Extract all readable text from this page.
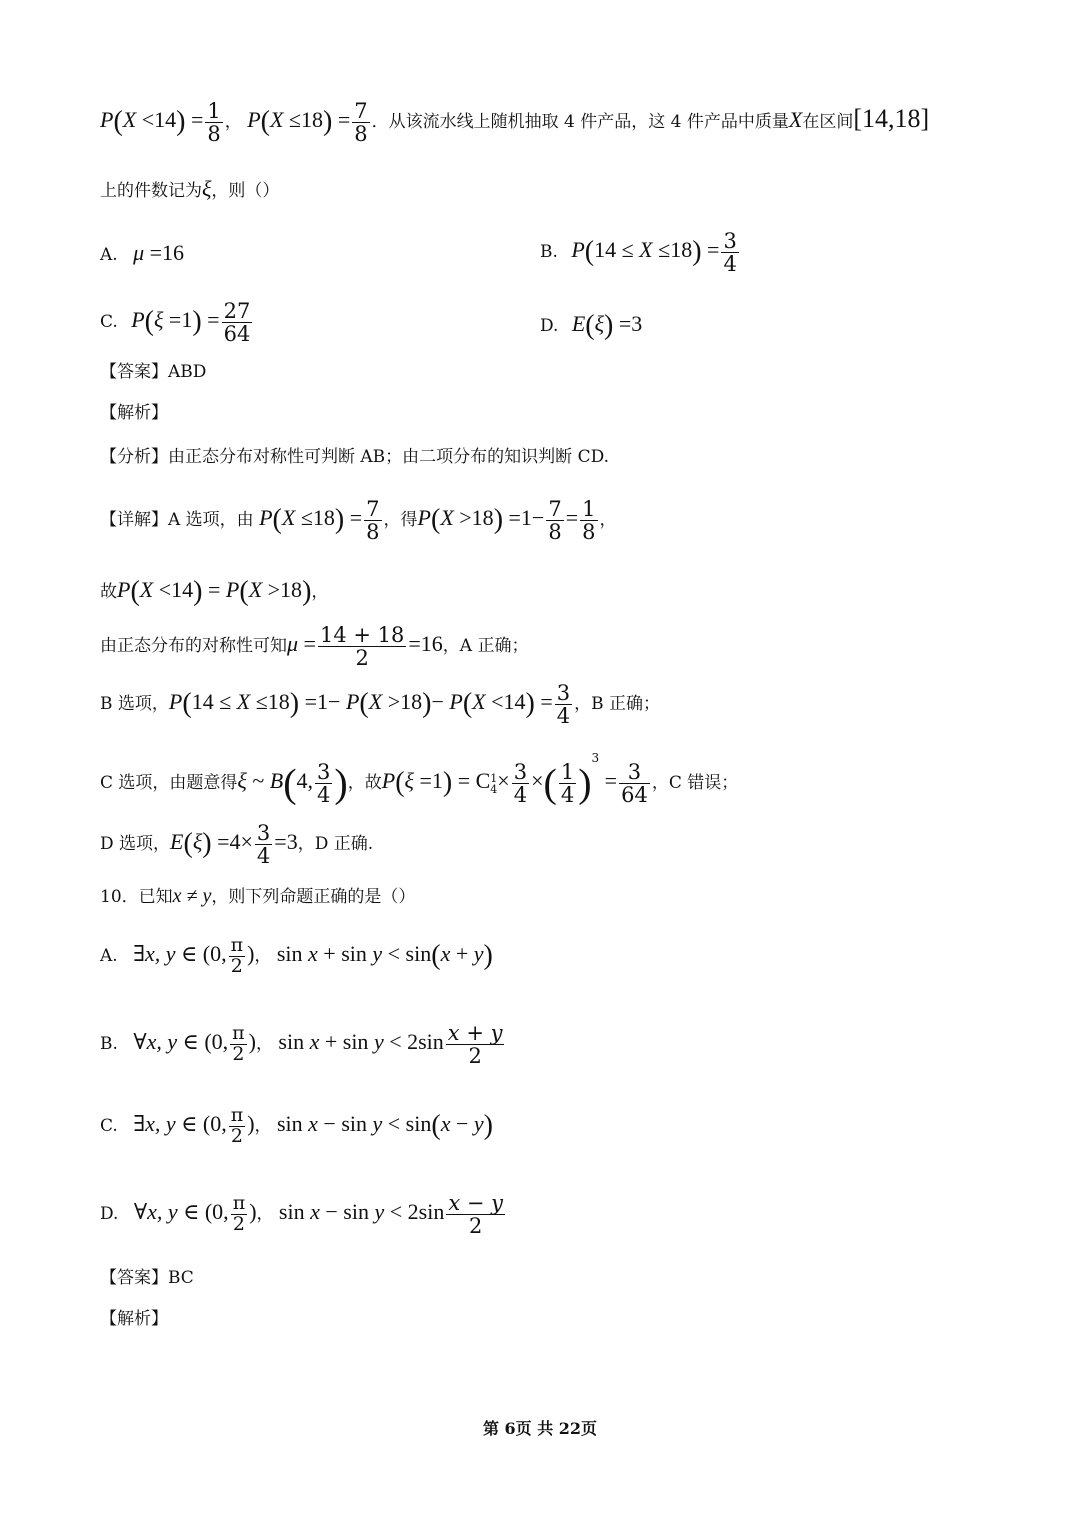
$P(X <14) = \frac{1}{8}$ ， $P(X \le 18) = \frac{7}{8}$ ．从该流水线上随机抽取 4 件产品，这 4 件产品中质量X在区间[14,18]
上的件数记为ξ，则（）
A. μ =16	B. $P(14 \le X \le 18) = \frac{3}{4}$
C. $P(\xi =1) = \frac{27}{64}$	D. E(ξ) =3
【答案】ABD
【解析】
【分析】由正态分布对称性可判断 AB；由二项分布的知识判断 CD.
【详解】A 选项，由 $P(X \le 18) = \frac{7}{8}$ ，得$P(X >18) =1- \frac{7}{8} = \frac{1}{8}$ ，
故P(X <14) = P(X >18)，
由正态分布的对称性可知$\mu = \frac{14 + 18}{2} =16$，A 正确；
B 选项，$P(14 \le X \le 18) =1- P(X >18)- P(X <14) = \frac{3}{4}$ ，B 正确；
C 选项，由题意得ξ ~ B(4, $\frac{3}{4}$ )，故P(ξ =1) = C 1
$4 \times \frac{3}{4}$ ×( $\frac{1}{4} )^3 = \frac{3}{64}$ ，C 错误；
D 选项，$E(\xi) =4\times \frac{3}{4} =3$，D 正确.
10．已知x ≠ y，则下列命题正确的是（）
A. ∃x, y ∈ (0, $\frac{\pi}{2}$ )， sin x + sin y < sin(x + y)
B. ∀x, y ∈ (0, $\frac{\pi}{2}$ )， $\sin x + \sin y < 2\sin \frac{x + y}{2}$
C. ∃x, y ∈ (0, $\frac{\pi}{2}$ )， sin x − sin y < sin(x − y)
D. ∀x, y ∈ (0, $\frac{\pi}{2}$ )， $\sin x - \sin y < 2\sin \frac{x - y}{2}$
【答案】BC
【解析】
第 6页 共 22页
